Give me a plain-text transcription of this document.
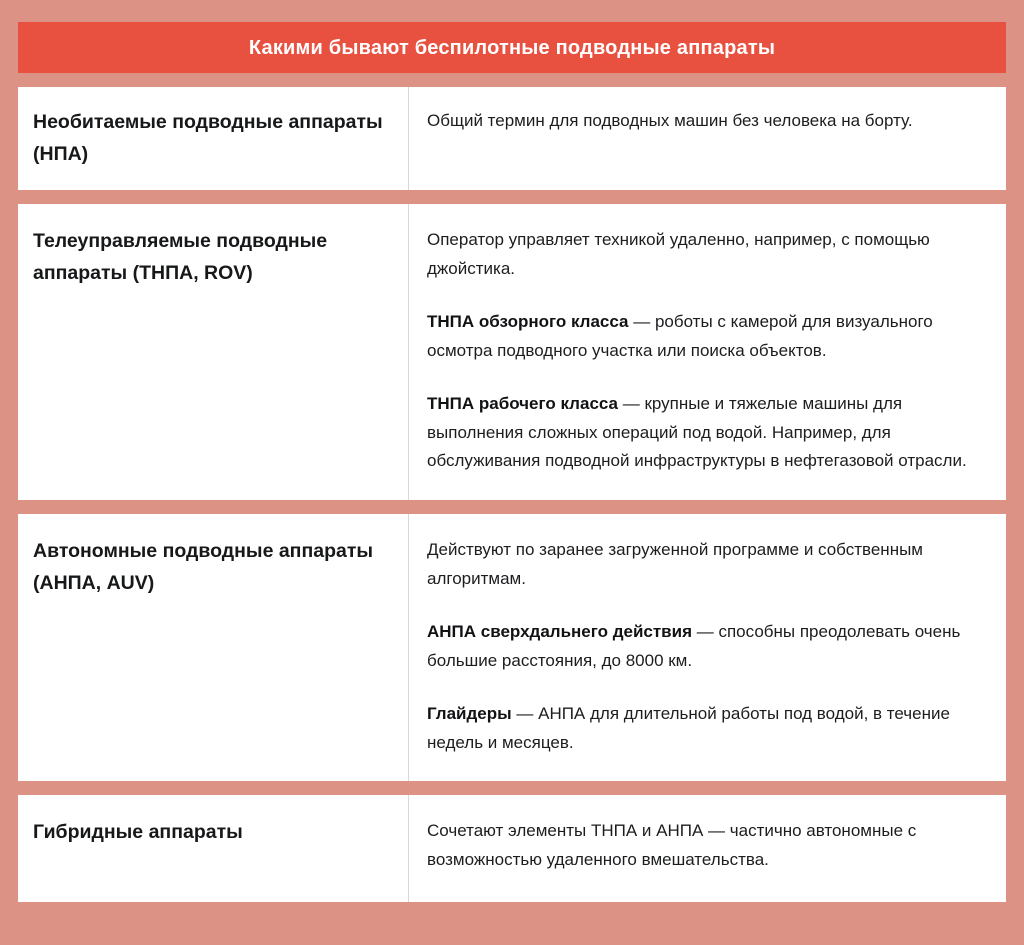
Какими бывают беспилотные подводные аппараты
Необитаемые подводные аппараты (НПА)

Общий термин для подводных машин без человека на борту.

Телеуправляемые подводные аппараты (ТНПА, ROV)

Оператор управляет техникой удаленно, например, с помощью джойстика.

ТНПА обзорного класса — роботы с камерой для визуального осмотра подводного участка или поиска объектов.

ТНПА рабочего класса — крупные и тяжелые машины для выполнения сложных операций под водой. Например, для обслуживания подводной инфраструктуры в нефтегазовой отрасли.

Автономные подводные аппараты (АНПА, AUV)

Действуют по заранее загруженной программе и собственным алгоритмам.

АНПА сверхдальнего действия — способны преодолевать очень большие расстояния, до 8000 км.

Глайдеры — АНПА для длительной работы под водой, в течение недель и месяцев.

Гибридные аппараты	Сочетают элементы ТНПА и АНПА — частично автономные с возможностью удаленного вмешательства.
